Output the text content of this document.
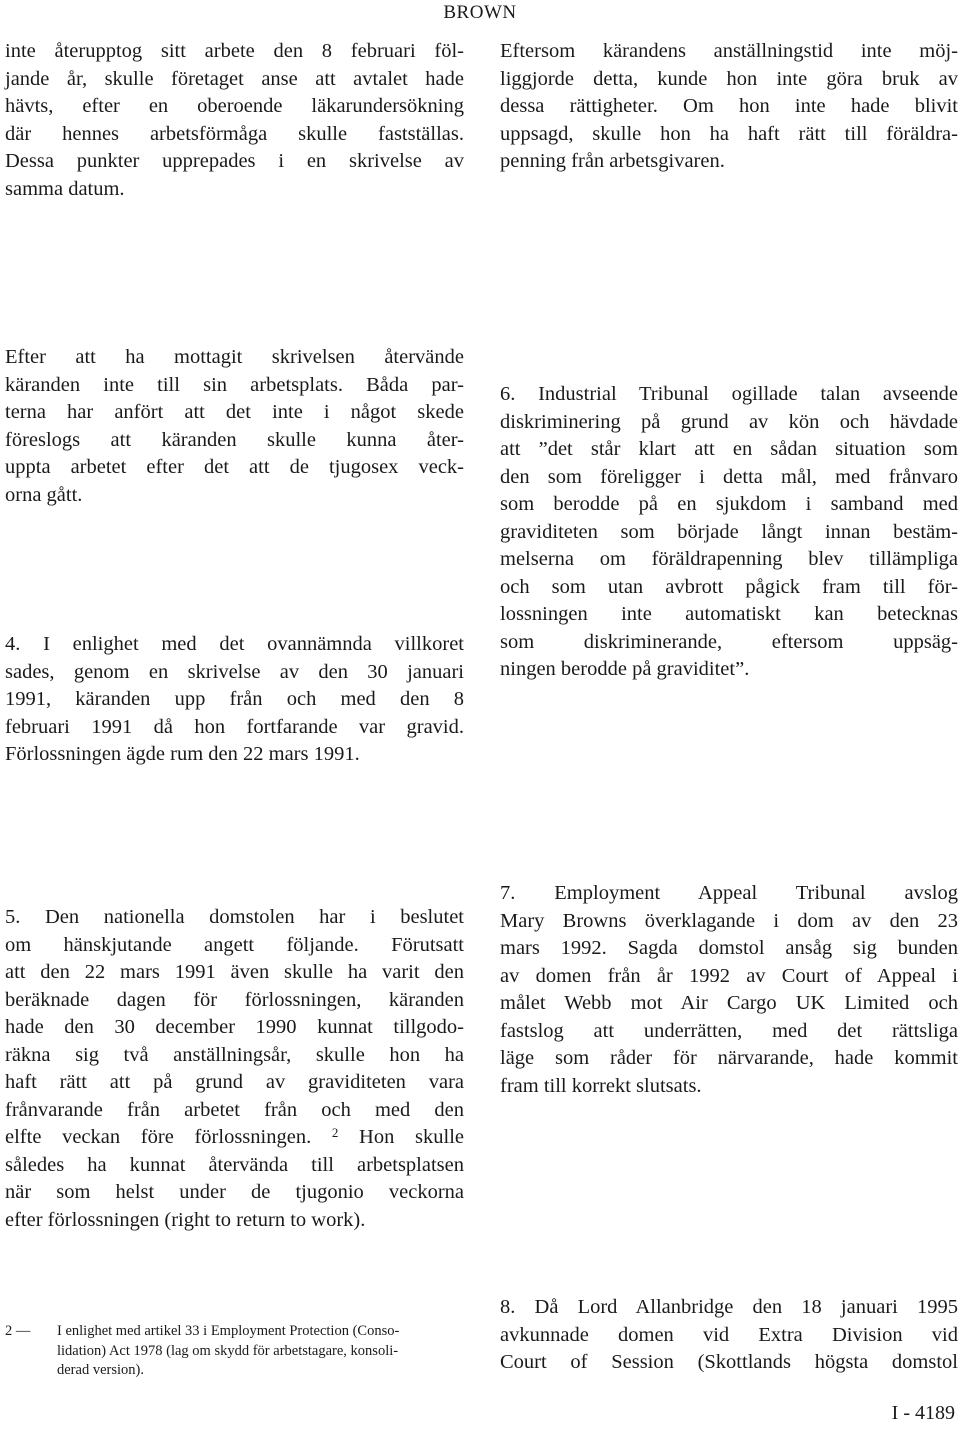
BROWN
inte återupptog sitt arbete den 8 februari föl-
jande år, skulle företaget anse att avtalet hade
hävts, efter en oberoende läkarundersökning
där hennes arbetsförmåga skulle fastställas.
Dessa punkter upprepades i en skrivelse av
samma datum.
Efter att ha mottagit skrivelsen återvände
käranden inte till sin arbetsplats. Båda par-
terna har anfört att det inte i något skede
föreslogs att käranden skulle kunna åter-
uppta arbetet efter det att de tjugosex veck-
orna gått.
4. I enlighet med det ovannämnda villkoret
sades, genom en skrivelse av den 30 januari
1991, käranden upp från och med den 8
februari 1991 då hon fortfarande var gravid.
Förlossningen ägde rum den 22 mars 1991.
5. Den nationella domstolen har i beslutet
om hänskjutande angett följande. Förutsatt
att den 22 mars 1991 även skulle ha varit den
beräknade dagen för förlossningen, käranden
hade den 30 december 1990 kunnat tillgodo-
räkna sig två anställningsår, skulle hon ha
haft rätt att på grund av graviditeten vara
frånvarande från arbetet från och med den
elfte veckan före förlossningen. $^2$ Hon skulle
således ha kunnat återvända till arbetsplatsen
när som helst under de tjugonio veckorna
efter förlossningen (right to return to work).
Eftersom kärandens anställningstid inte möj-
liggjorde detta, kunde hon inte göra bruk av
dessa rättigheter. Om hon inte hade blivit
uppsagd, skulle hon ha haft rätt till föräldra-
penning från arbetsgivaren.
6. Industrial Tribunal ogillade talan avseende
diskriminering på grund av kön och hävdade
att ”det står klart att en sådan situation som
den som föreligger i detta mål, med frånvaro
som berodde på en sjukdom i samband med
graviditeten som började långt innan bestäm-
melserna om föräldrapenning blev tillämpliga
och som utan avbrott pågick fram till för-
lossningen inte automatiskt kan betecknas
som diskriminerande, eftersom uppsäg-
ningen berodde på graviditet”.
7. Employment Appeal Tribunal avslog
Mary Browns överklagande i dom av den 23
mars 1992. Sagda domstol ansåg sig bunden
av domen från år 1992 av Court of Appeal i
målet Webb mot Air Cargo UK Limited och
fastslog att underrätten, med det rättsliga
läge som råder för närvarande, hade kommit
fram till korrekt slutsats.
8. Då Lord Allanbridge den 18 januari 1995
avkunnade domen vid Extra Division vid
Court of Session (Skottlands högsta domstol
2 —	I enlighet med artikel 33 i Employment Protection (Conso-
lidation) Act 1978 (lag om skydd för arbetstagare, konsoli-
derad version).
I - 4189
